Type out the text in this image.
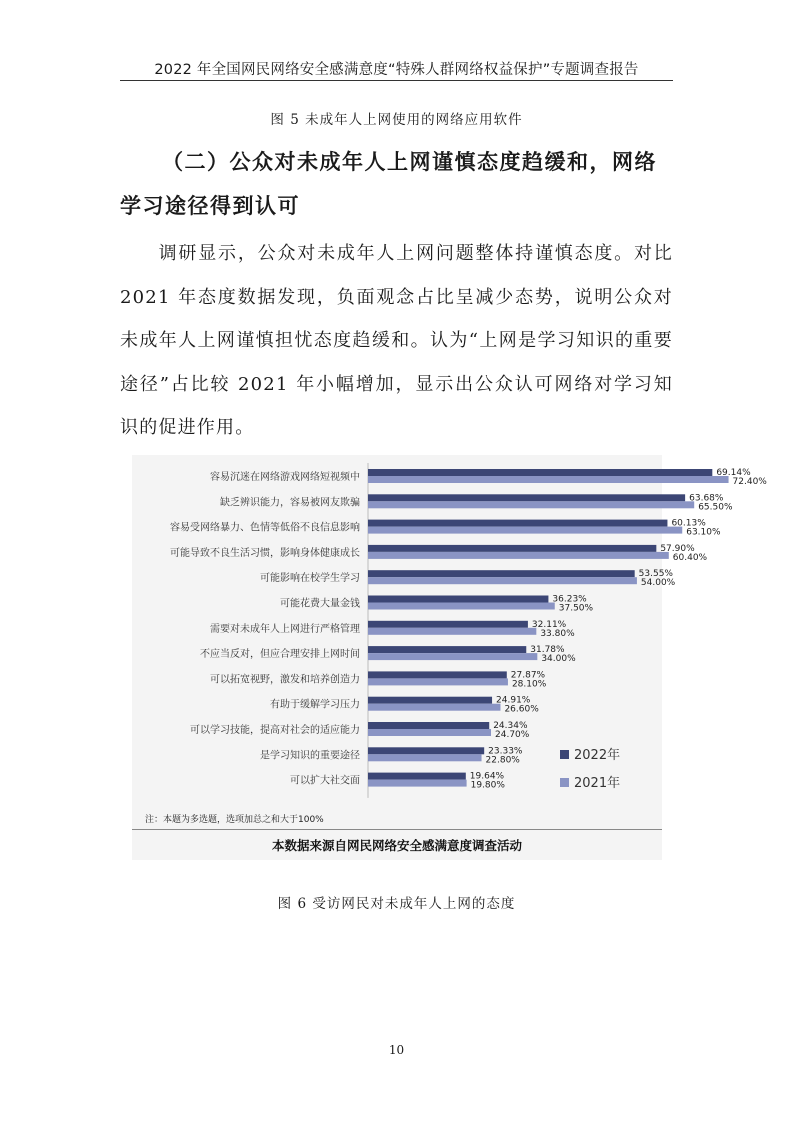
2022 年全国网民网络安全感满意度“特殊人群网络权益保护”专题调查报告
图 5 未成年人上网使用的网络应用软件
（二）公众对未成年人上网谨慎态度趋缓和，网络学习途径得到认可
调研显示，公众对未成年人上网问题整体持谨慎态度。对比 2021 年态度数据发现，负面观念占比呈减少态势，说明公众对未成年人上网谨慎担忧态度趋缓和。认为“上网是学习知识的重要途径”占比较 2021 年小幅增加，显示出公众认可网络对学习知识的促进作用。
容易沉迷在网络游戏网络短视频中	69.14%
72.40%
缺乏辨识能力，容易被网友欺骗	63.68%
65.50%
容易受网络暴力、色情等低俗不良信息影响	60.13%
63.10%
可能导致不良生活习惯，影响身体健康成长	57.90%
60.40%
可能影响在校学生学习	53.55%
54.00%
可能花费大量金钱	36.23%
37.50%
需要对未成年人上网进行严格管理	32.11%
33.80%
不应当反对，但应合理安排上网时间	31.78%
34.00%
可以拓宽视野，激发和培养创造力	27.87%
28.10%
有助于缓解学习压力	24.91%
26.60%
可以学习技能，提高对社会的适应能力	24.34%
24.70%
是学习知识的重要途径	23.33%
22.80%
可以扩大社交面	19.64%
19.80%
2022年
2021年
注：本题为多选题，选项加总之和大于100%
本数据来源自网民网络安全感满意度调查活动
图 6 受访网民对未成年人上网的态度
10
